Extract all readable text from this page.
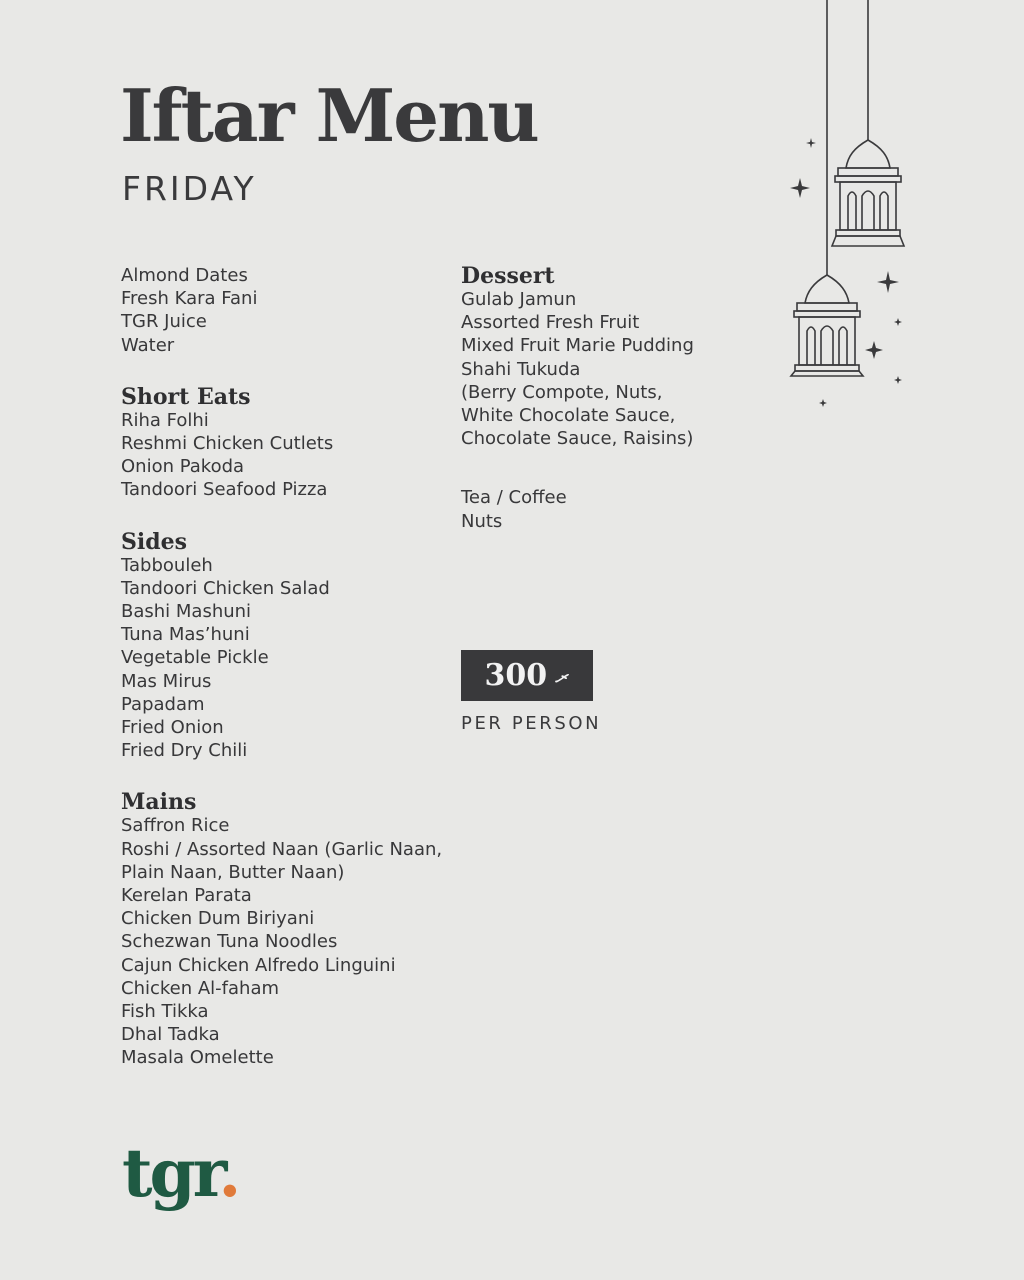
Iftar Menu
FRIDAY
Almond Dates
Fresh Kara Fani
TGR Juice
Water
Short Eats
Riha Folhi
Reshmi Chicken Cutlets
Onion Pakoda
Tandoori Seafood Pizza
Sides
Tabbouleh
Tandoori Chicken Salad
Bashi Mashuni
Tuna Mas’huni
Vegetable Pickle
Mas Mirus
Papadam
Fried Onion
Fried Dry Chili
Mains
Saffron Rice
Roshi / Assorted Naan (Garlic Naan,
Plain Naan, Butter Naan)
Kerelan Parata
Chicken Dum Biriyani
Schezwan Tuna Noodles
Cajun Chicken Alfredo Linguini
Chicken Al-faham
Fish Tikka
Dhal Tadka
Masala Omelette
Dessert
Gulab Jamun
Assorted Fresh Fruit
Mixed Fruit Marie Pudding
Shahi Tukuda
(Berry Compote, Nuts,
White Chocolate Sauce,
Chocolate Sauce, Raisins)
Tea / Coffee
Nuts
300 ރ
PER PERSON
tgr.
